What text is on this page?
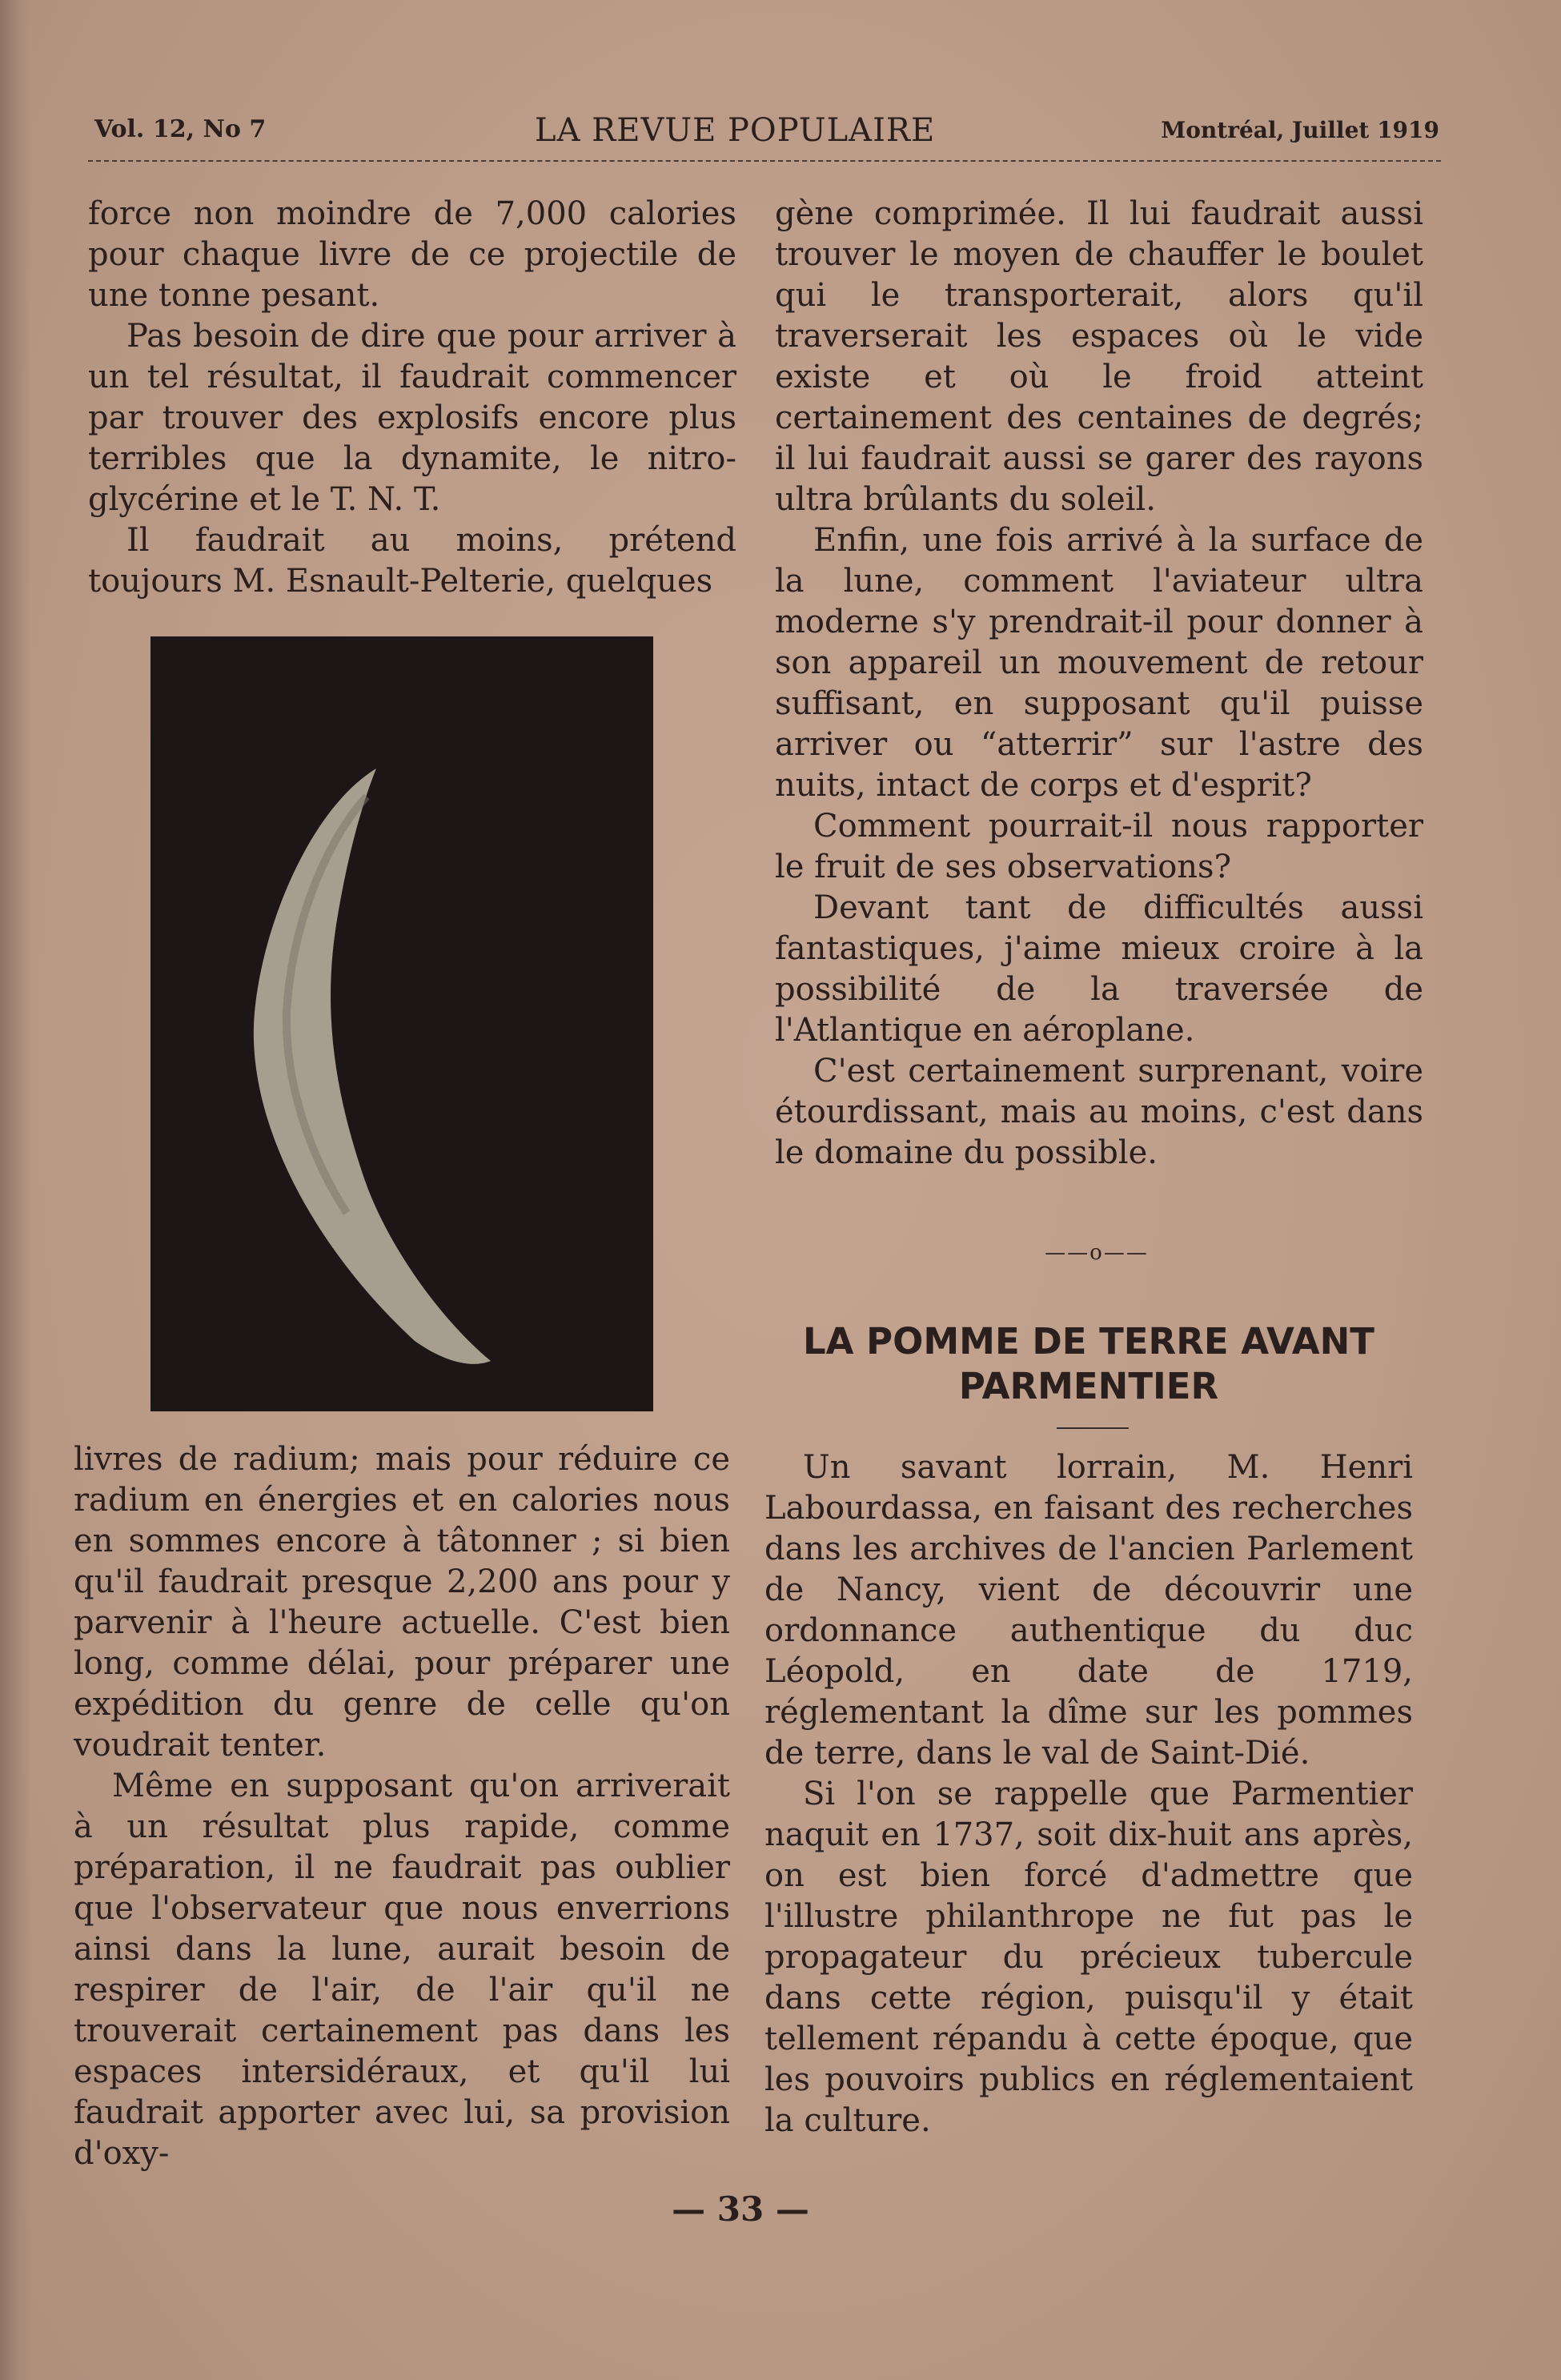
Vol. 12, No 7	LA REVUE POPULAIRE	Montréal, Juillet 1919

force non moindre de 7,000 calories pour chaque livre de ce projectile de une tonne pesant.

Pas besoin de dire que pour arriver à un tel résultat, il faudrait commencer par trouver des explosifs encore plus terribles que la dynamite, le nitro-glycérine et le T. N. T.

Il faudrait au moins, prétend toujours M. Esnault-Pelterie, quelques

livres de radium; mais pour réduire ce radium en énergies et en calories nous en sommes encore à tâtonner ; si bien qu'il faudrait presque 2,200 ans pour y parvenir à l'heure actuelle. C'est bien long, comme délai, pour préparer une expédition du genre de celle qu'on voudrait tenter.

Même en supposant qu'on arriverait à un résultat plus rapide, comme préparation, il ne faudrait pas oublier que l'observateur que nous enverrions ainsi dans la lune, aurait besoin de respirer de l'air, de l'air qu'il ne trouverait certainement pas dans les espaces intersidéraux, et qu'il lui faudrait apporter avec lui, sa provision d'oxy-

gène comprimée. Il lui faudrait aussi trouver le moyen de chauffer le boulet qui le transporterait, alors qu'il traverserait les espaces où le vide existe et où le froid atteint certainement des centaines de degrés; il lui faudrait aussi se garer des rayons ultra brûlants du soleil.

Enfin, une fois arrivé à la surface de la lune, comment l'aviateur ultra moderne s'y prendrait-il pour donner à son appareil un mouvement de retour suffisant, en supposant qu'il puisse arriver ou “atterrir” sur l'astre des nuits, intact de corps et d'esprit?

Comment pourrait-il nous rapporter le fruit de ses observations?

Devant tant de difficultés aussi fantastiques, j'aime mieux croire à la possibilité de la traversée de l'Atlantique en aéroplane.

C'est certainement surprenant, voire étourdissant, mais au moins, c'est dans le domaine du possible.

——o——
LA POMME DE TERRE AVANT PARMENTIER

Un savant lorrain, M. Henri Labourdassa, en faisant des recherches dans les archives de l'ancien Parlement de Nancy, vient de découvrir une ordonnance authentique du duc Léopold, en date de 1719, réglementant la dîme sur les pommes de terre, dans le val de Saint-Dié.

Si l'on se rappelle que Parmentier naquit en 1737, soit dix-huit ans après, on est bien forcé d'admettre que l'illustre philanthrope ne fut pas le propagateur du précieux tubercule dans cette région, puisqu'il y était tellement répandu à cette époque, que les pouvoirs publics en réglementaient la culture.

— 33 —
